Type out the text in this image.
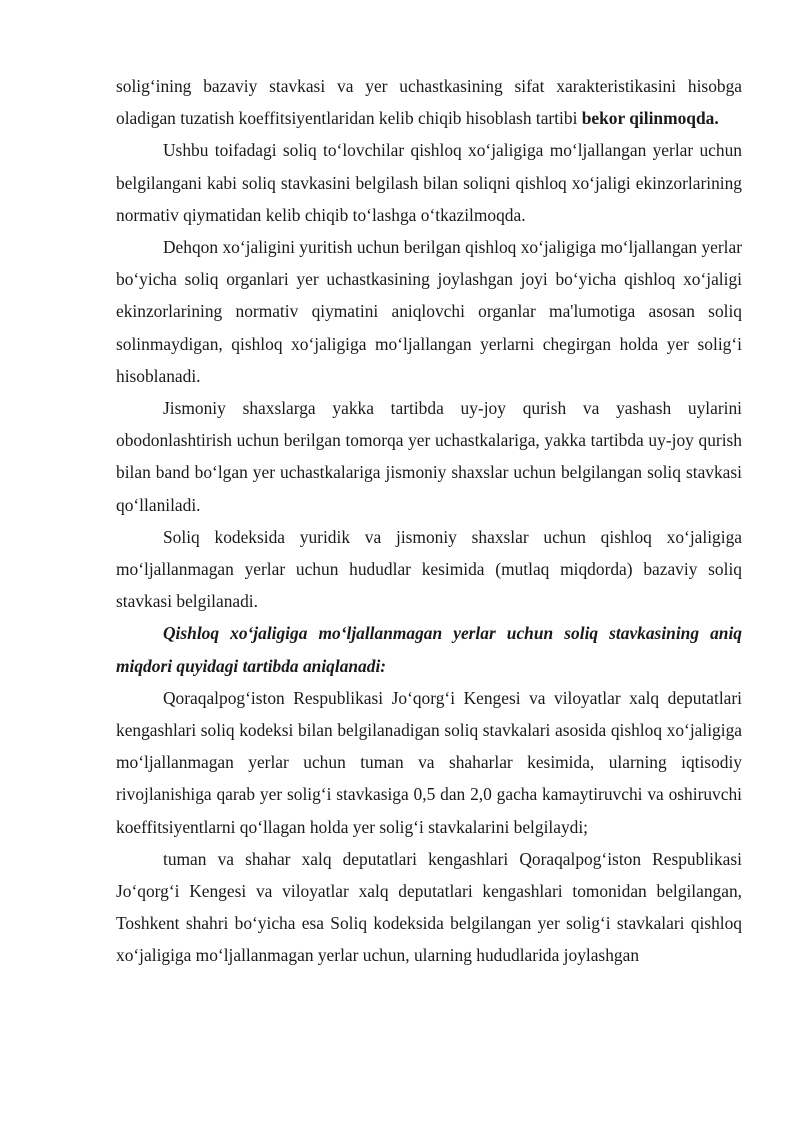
solig‘ining bazaviy stavkasi va yer uchastkasining sifat xarakteristikasini hisobga oladigan tuzatish koeffitsiyentlaridan kelib chiqib hisoblash tartibi bekor qilinmoqda.

Ushbu toifadagi soliq to‘lovchilar qishloq xo‘jaligiga mo‘ljallangan yerlar uchun belgilangani kabi soliq stavkasini belgilash bilan soliqni qishloq xo‘jaligi ekinzorlarining normativ qiymatidan kelib chiqib to‘lashga o‘tkazilmoqda.

Dehqon xo‘jaligini yuritish uchun berilgan qishloq xo‘jaligiga mo‘ljallangan yerlar bo‘yicha soliq organlari yer uchastkasining joylashgan joyi bo‘yicha qishloq xo‘jaligi ekinzorlarining normativ qiymatini aniqlovchi organlar ma'lumotiga asosan soliq solinmaydigan, qishloq xo‘jaligiga mo‘ljallangan yerlarni chegirgan holda yer solig‘i hisoblanadi.

Jismoniy shaxslarga yakka tartibda uy-joy qurish va yashash uylarini obodonlashtirish uchun berilgan tomorqa yer uchastkalariga, yakka tartibda uy-joy qurish bilan band bo‘lgan yer uchastkalariga jismoniy shaxslar uchun belgilangan soliq stavkasi qo‘llaniladi.

Soliq kodeksida yuridik va jismoniy shaxslar uchun qishloq xo‘jaligiga mo‘ljallanmagan yerlar uchun hududlar kesimida (mutlaq miqdorda) bazaviy soliq stavkasi belgilanadi.

Qishloq xo‘jaligiga mo‘ljallanmagan yerlar uchun soliq stavkasining aniq miqdori quyidagi tartibda aniqlanadi:

Qoraqalpog‘iston Respublikasi Jo‘qorg‘i Kengesi va viloyatlar xalq deputatlari kengashlari soliq kodeksi bilan belgilanadigan soliq stavkalari asosida qishloq xo‘jaligiga mo‘ljallanmagan yerlar uchun tuman va shaharlar kesimida, ularning iqtisodiy rivojlanishiga qarab yer solig‘i stavkasiga 0,5 dan 2,0 gacha kamaytiruvchi va oshiruvchi koeffitsiyentlarni qo‘llagan holda yer solig‘i stavkalarini belgilaydi;

tuman va shahar xalq deputatlari kengashlari Qoraqalpog‘iston Respublikasi Jo‘qorg‘i Kengesi va viloyatlar xalq deputatlari kengashlari tomonidan belgilangan, Toshkent shahri bo‘yicha esa Soliq kodeksida belgilangan yer solig‘i stavkalari qishloq xo‘jaligiga mo‘ljallanmagan yerlar uchun, ularning hududlarida joylashgan
